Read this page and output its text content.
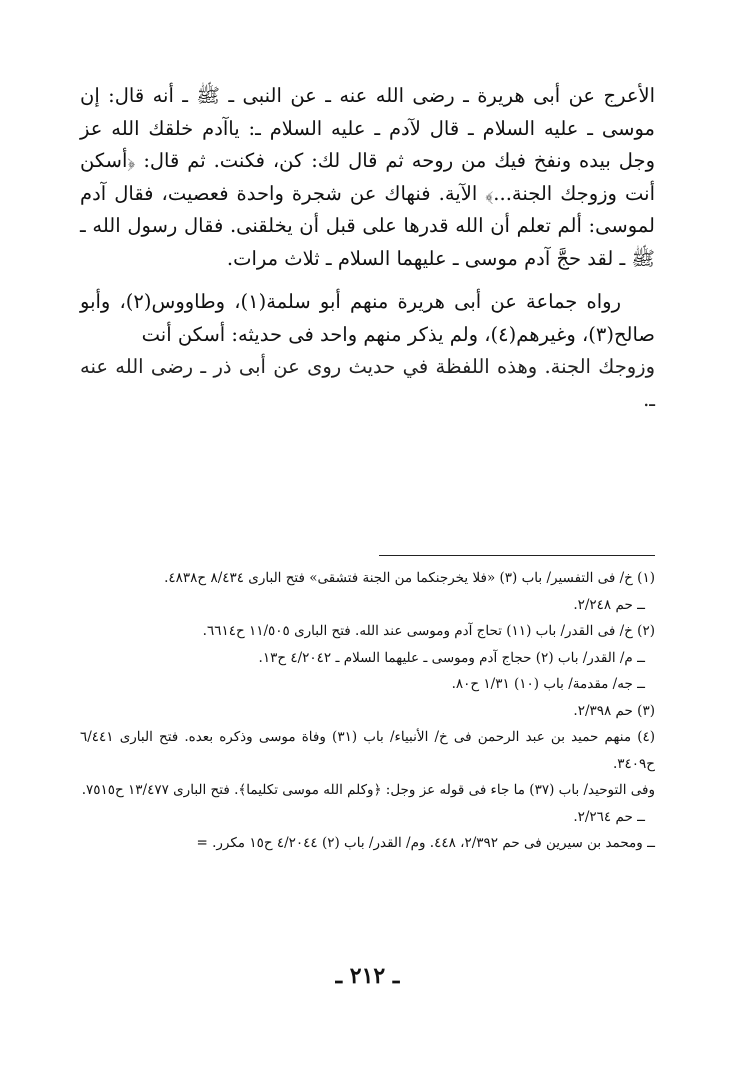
الأعرج عن أبى هريرة ـ رضى الله عنه ـ عن النبى ـ ﷺ ـ أنه قال: إن موسى ـ عليه السلام ـ قال لآدم ـ عليه السلام ـ: ياآدم خلقك الله عز وجل بيده ونفخ فيك من روحه ثم قال لك: كن، فكنت. ثم قال: ﴿أسكن أنت وزوجك الجنة...﴾ الآية. فنهاك عن شجرة واحدة فعصيت، فقال آدم لموسى: ألم تعلم أن الله قدرها على قبل أن يخلقنى. فقال رسول الله ـ ﷺ ـ لقد حجَّ آدم موسى ـ عليهما السلام ـ ثلاث مرات.

رواه جماعة عن أبى هريرة منهم أبو سلمة(١)، وطاووس(٢)، وأبو صالح(٣)، وغيرهم(٤)، ولم يذكر منهم واحد فى حديثه: أسكن أنت

وزوجك الجنة. وهذه اللفظة في حديث روى عن أبى ذر ـ رضى الله عنه ـ.

(١) خ/ فى التفسير/ باب (٣) «فلا يخرجنكما من الجنة فتشقى» فتح البارى ٨/٤٣٤ ح٤٨٣٨.

ــ حم ٢/٢٤٨.

(٢) خ/ فى القدر/ باب (١١) تحاج آدم وموسى عند الله. فتح البارى ١١/٥٠٥ ح٦٦١٤.

ــ م/ القدر/ باب (٢) حجاج آدم وموسى ـ عليهما السلام ـ ٤/٢٠٤٢ ح١٣.

ــ جه/ مقدمة/ باب (١٠) ١/٣١ ح٨٠.

(٣) حم ٢/٣٩٨.

(٤) منهم حميد بن عبد الرحمن فى خ/ الأنبياء/ باب (٣١) وفاة موسى وذكره بعده. فتح البارى ٦/٤٤١ ح٣٤٠٩.

وفى التوحيد/ باب (٣٧) ما جاء فى قوله عز وجل: ﴿وكلم الله موسى تكليما﴾. فتح البارى ١٣/٤٧٧ ح٧٥١٥.

ــ حم ٢/٢٦٤.

ــ ومحمد بن سيرين فى حم ٢/٣٩٢، ٤٤٨. وم/ القدر/ باب (٢) ٤/٢٠٤٤ ح١٥ مكرر. =

ـ ٢١٢ ـ
